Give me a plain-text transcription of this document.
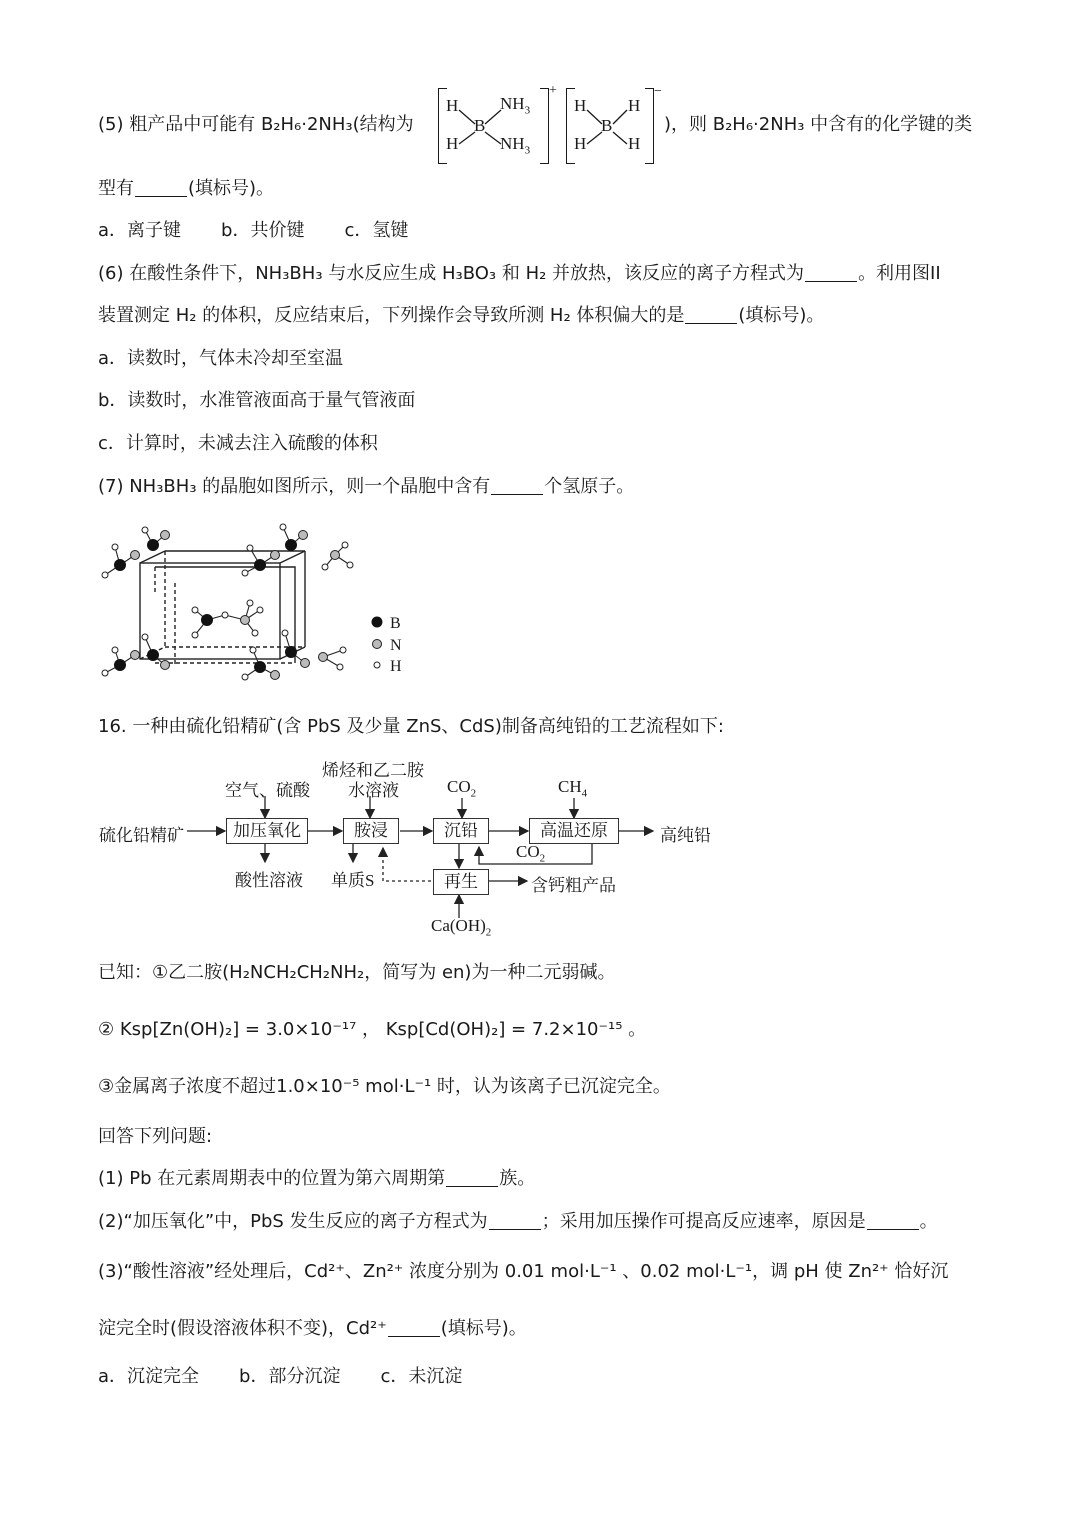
(5) 粗产品中可能有 B₂H₆·2NH₃(结构为
H
H
B
$NH_3$
$NH_3$
+
H
H
B
H
H
−
)，则 B₂H₆·2NH₃ 中含有的化学键的类
型有	(填标号)。
a．离子键 b．共价键 c．氢键
(6) 在酸性条件下，NH₃BH₃ 与水反应生成 H₃BO₃ 和 H₂ 并放热，该反应的离子方程式为	。利用图II
装置测定 H₂ 的体积，反应结束后，下列操作会导致所测 H₂ 体积偏大的是	(填标号)。
a．读数时，气体未冷却至室温
b．读数时，水准管液面高于量气管液面
c．计算时，未减去注入硫酸的体积
(7) NH₃BH₃ 的晶胞如图所示，则一个晶胞中含有	个氢原子。
B
N
H
16. 一种由硫化铅精矿(含 PbS 及少量 ZnS、CdS)制备高纯铅的工艺流程如下:
硫化铅精矿
空气、硫酸
加压氧化
酸性溶液
烯烃和乙二胺
水溶液
胺浸
单质S
$CO_2$
沉铅
$CH_4$
高温还原	高纯铅
$CO_2$
再生	含钙粗产品
$Ca(OH)_2$
已知：①乙二胺(H₂NCH₂CH₂NH₂，简写为 en)为一种二元弱碱。
② Ksp[Zn(OH)₂] = 3.0×10⁻¹⁷ ， Ksp[Cd(OH)₂] = 7.2×10⁻¹⁵ 。
③金属离子浓度不超过1.0×10⁻⁵ mol·L⁻¹ 时，认为该离子已沉淀完全。
回答下列问题:
(1) Pb 在元素周期表中的位置为第六周期第	族。
(2)“加压氧化”中，PbS 发生反应的离子方程式为	；采用加压操作可提高反应速率，原因是	。
(3)“酸性溶液”经处理后，Cd²⁺、Zn²⁺ 浓度分别为 0.01 mol·L⁻¹ 、0.02 mol·L⁻¹，调 pH 使 Zn²⁺ 恰好沉
淀完全时(假设溶液体积不变)，Cd²⁺	(填标号)。
a．沉淀完全 b．部分沉淀 c．未沉淀
